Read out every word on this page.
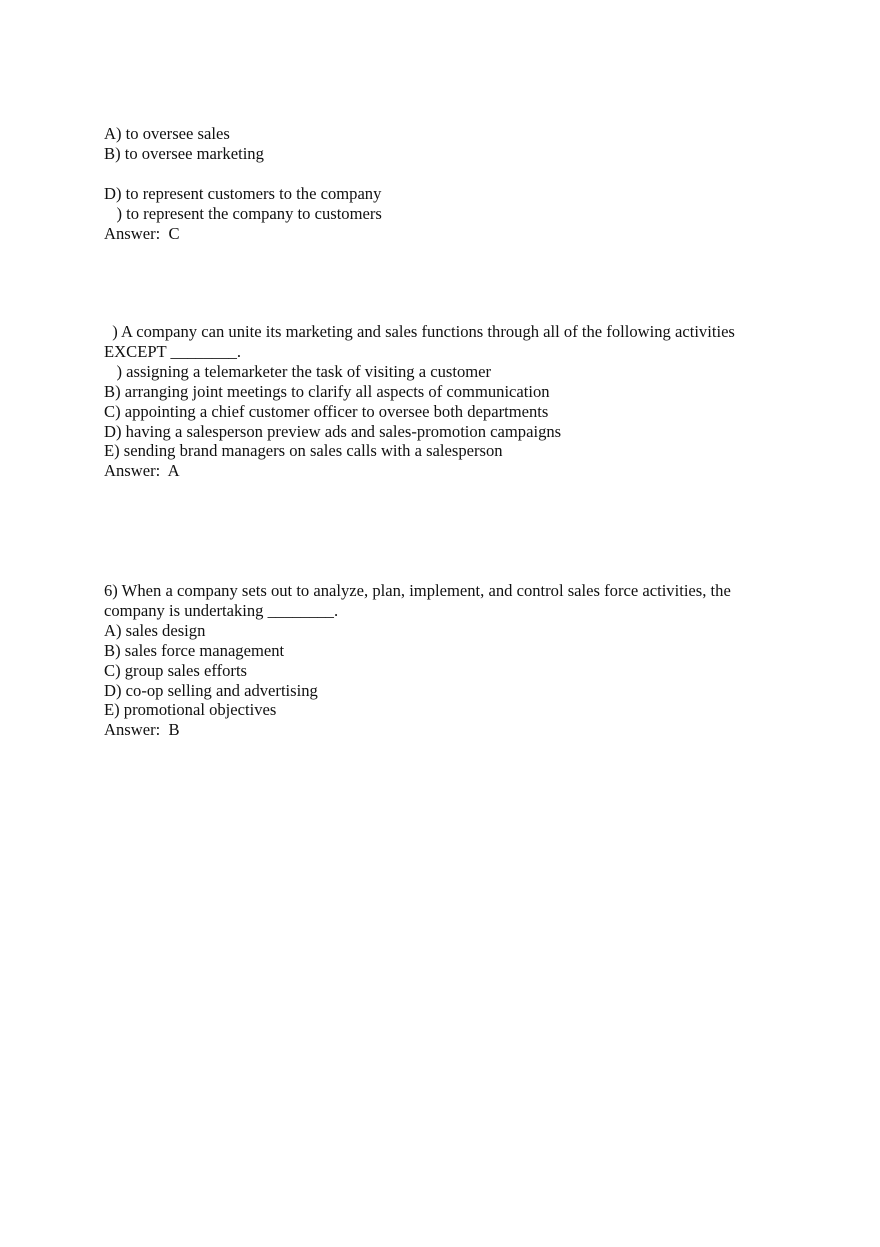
A) to oversee sales
B) to oversee marketing
D) to represent customers to the company
) to represent the company to customers
Answer:  C
) A company can unite its marketing and sales functions through all of the following activities
EXCEPT ________.
) assigning a telemarketer the task of visiting a customer
B) arranging joint meetings to clarify all aspects of communication
C) appointing a chief customer officer to oversee both departments
D) having a salesperson preview ads and sales-promotion campaigns
E) sending brand managers on sales calls with a salesperson
Answer:  A
6) When a company sets out to analyze, plan, implement, and control sales force activities, the
company is undertaking ________.
A) sales design
B) sales force management
C) group sales efforts
D) co-op selling and advertising
E) promotional objectives
Answer:  B
